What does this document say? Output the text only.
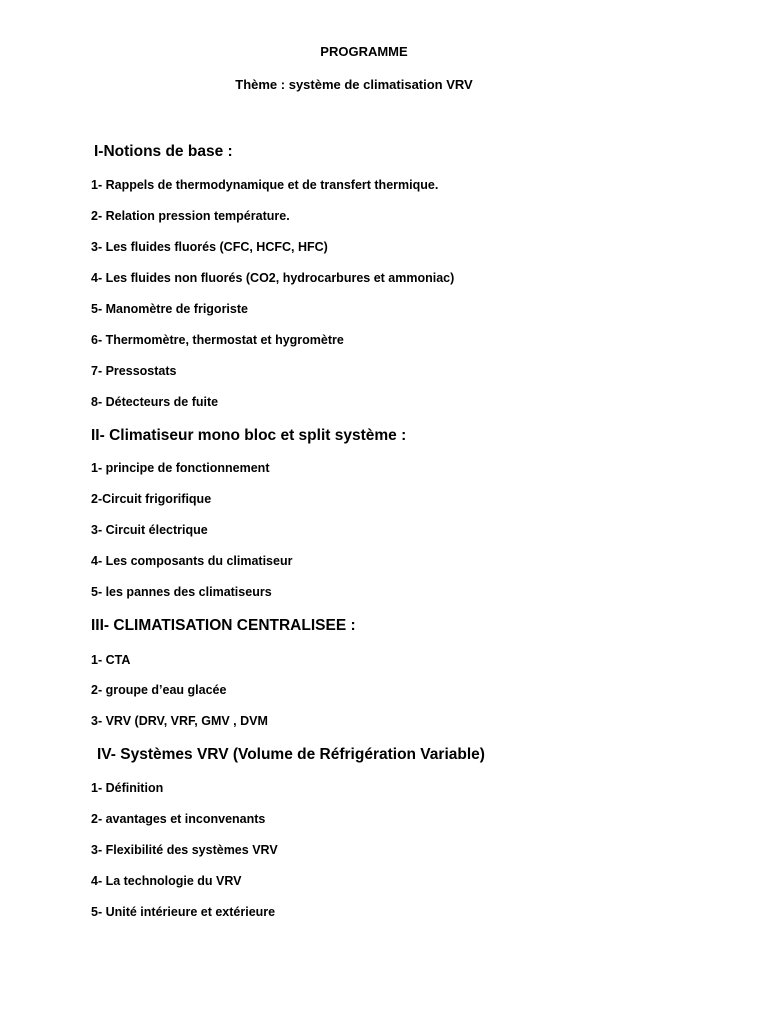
PROGRAMME
Thème : système de climatisation VRV
I-Notions de base :
1- Rappels de thermodynamique et de transfert thermique.
2- Relation pression température.
3- Les fluides fluorés (CFC, HCFC, HFC)
4- Les fluides non fluorés (CO2, hydrocarbures et ammoniac)
5- Manomètre de frigoriste
6- Thermomètre, thermostat et hygromètre
7- Pressostats
8- Détecteurs de fuite
II- Climatiseur mono bloc et split système :
1- principe de fonctionnement
2-Circuit frigorifique
3- Circuit électrique
4- Les composants du climatiseur
5- les pannes des climatiseurs
III- CLIMATISATION CENTRALISEE :
1- CTA
2- groupe d’eau glacée
3- VRV (DRV, VRF, GMV , DVM
IV- Systèmes VRV (Volume de Réfrigération Variable)
1- Définition
2- avantages et inconvenants
3- Flexibilité des systèmes VRV
4- La technologie du VRV
5- Unité intérieure et extérieure
